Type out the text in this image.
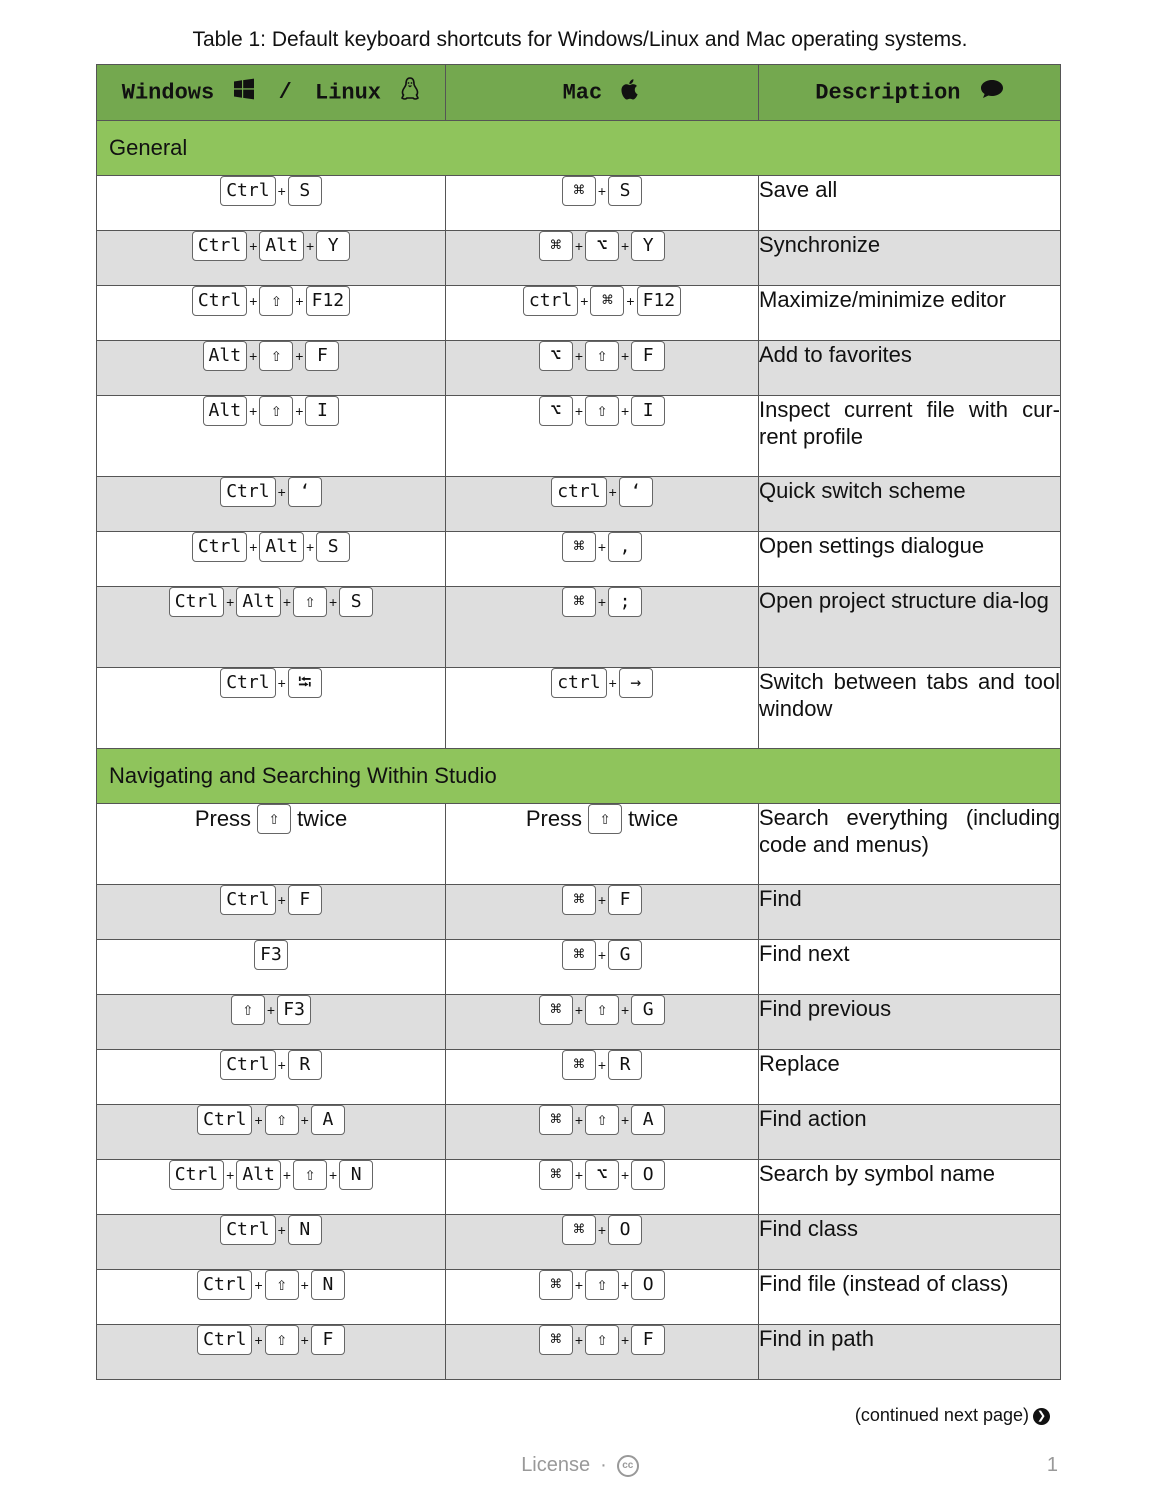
Table 1: Default keyboard shortcuts for Windows/Linux and Mac operating systems.
Windows / Linux	Mac	Description
General		
Ctrl + S	⌘ + S	Save all
Ctrl + Alt + Y	⌘ + ⌥ + Y	Synchronize
Ctrl + ⇧ + F12	ctrl + ⌘ + F12	Maximize/minimize editor
Alt + ⇧ + F	⌥ + ⇧ + F	Add to favorites
Alt + ⇧ + I	⌥ + ⇧ + I	Inspect current file with cur-rent profile
Ctrl + ‘	ctrl + ‘	Quick switch scheme
Ctrl + Alt + S	⌘ + ,	Open settings dialogue
Ctrl + Alt + ⇧ + S	⌘ + ;	Open project structure dia-log
Ctrl + ⭾	ctrl + →	Switch between tabs and tool window
Navigating and Searching Within Studio		
Press ⇧ twice	Press ⇧ twice	Search everything (including code and menus)
Ctrl + F	⌘ + F	Find
F3	⌘ + G	Find next
⇧ + F3	⌘ + ⇧ + G	Find previous
Ctrl + R	⌘ + R	Replace
Ctrl + ⇧ + A	⌘ + ⇧ + A	Find action
Ctrl + Alt + ⇧ + N	⌘ + ⌥ + O	Search by symbol name
Ctrl + N	⌘ + O	Find class
Ctrl + ⇧ + N	⌘ + ⇧ + O	Find file (instead of class)
Ctrl + ⇧ + F	⌘ + ⇧ + F	Find in path
(continued next page) ❯
License · cc	1
